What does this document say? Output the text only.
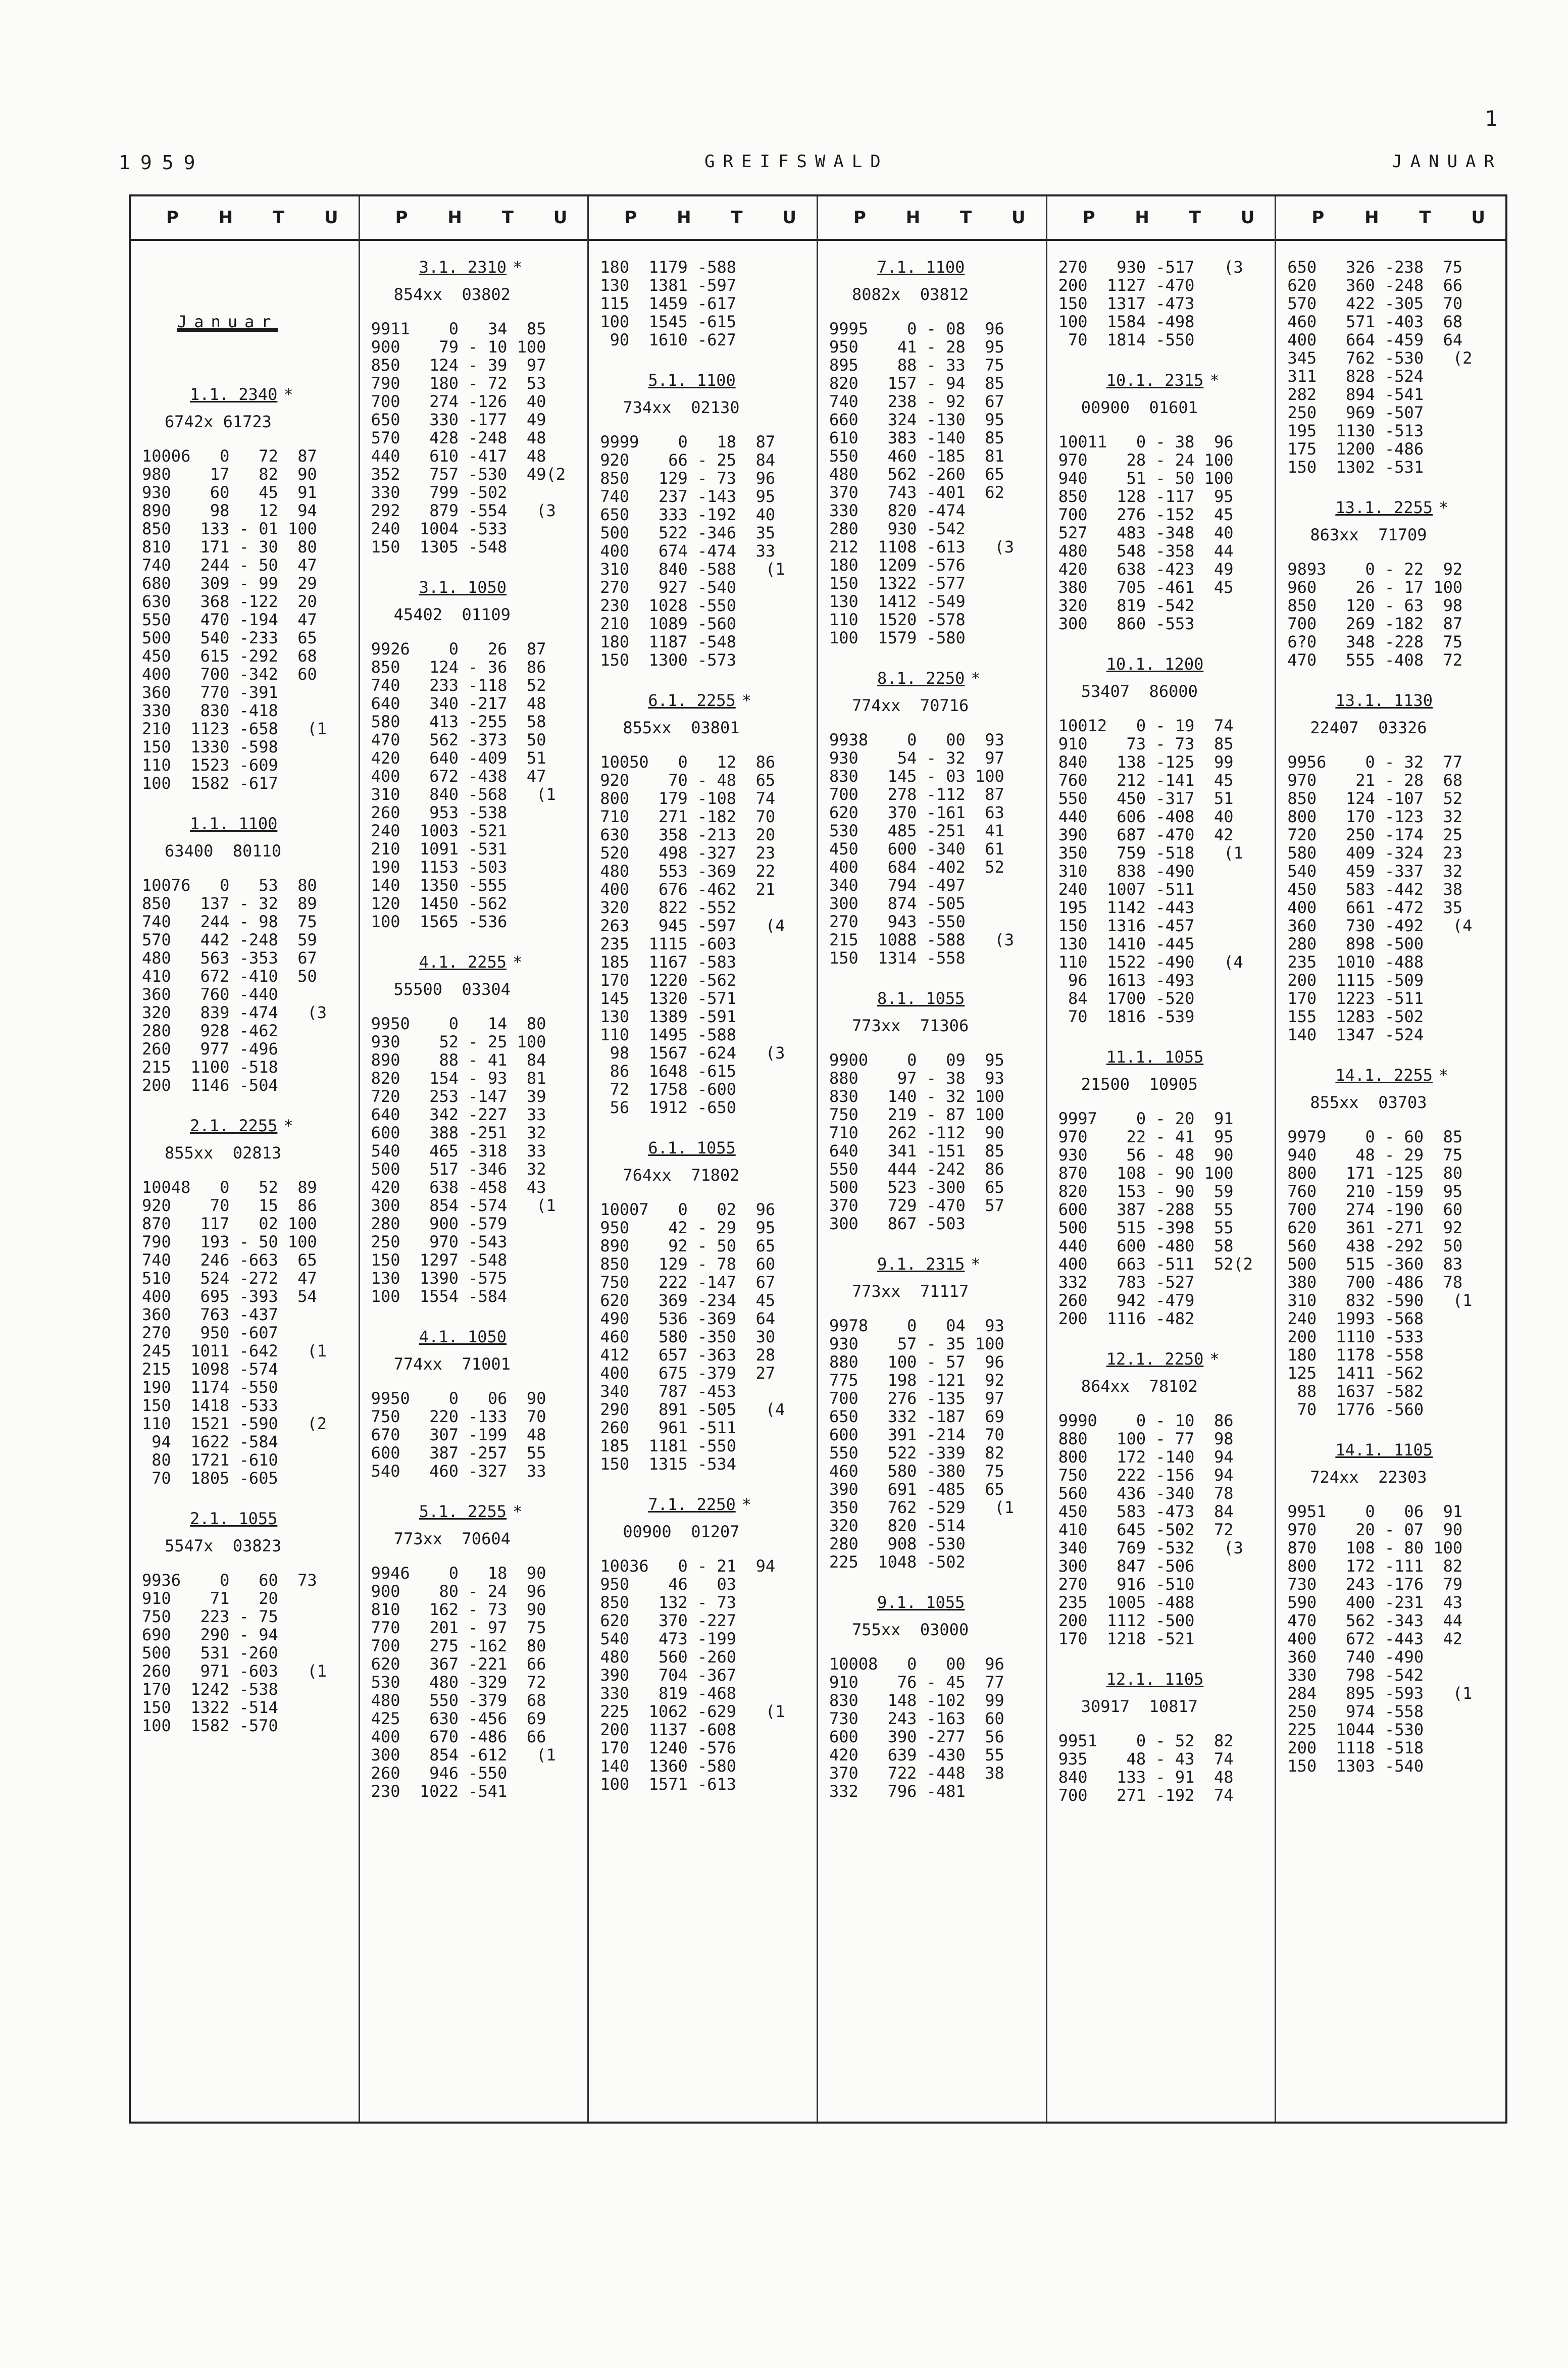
1
1959	GREIFSWALD	JANUAR
P H T U
Januar
1.1. 2340 *
6742x 61723
10006   0   72  87
980    17   82  90
930    60   45  91
890    98   12  94
850   133 - 01 100
810   171 - 30  80
740   244 - 50  47
680   309 - 99  29
630   368 -122  20
550   470 -194  47
500   540 -233  65
450   615 -292  68
400   700 -342  60
360   770 -391
330   830 -418
210  1123 -658   (1
150  1330 -598
110  1523 -609
100  1582 -617
1.1. 1100
63400  80110
10076   0   53  80
850   137 - 32  89
740   244 - 98  75
570   442 -248  59
480   563 -353  67
410   672 -410  50
360   760 -440
320   839 -474   (3
280   928 -462
260   977 -496
215  1100 -518
200  1146 -504
2.1. 2255 *
855xx  02813
10048   0   52  89
920    70   15  86
870   117   02 100
790   193 - 50 100
740   246 -663  65
510   524 -272  47
400   695 -393  54
360   763 -437
270   950 -607
245  1011 -642   (1
215  1098 -574
190  1174 -550
150  1418 -533
110  1521 -590   (2
94  1622 -584
80  1721 -610
70  1805 -605
2.1. 1055
5547x  03823
9936    0   60  73
910    71   20
750   223 - 75
690   290 - 94
500   531 -260
260   971 -603   (1
170  1242 -538
150  1322 -514
100  1582 -570
P H T U
3.1. 2310 *
854xx  03802
9911    0   34  85
900    79 - 10 100
850   124 - 39  97
790   180 - 72  53
700   274 -126  40
650   330 -177  49
570   428 -248  48
440   610 -417  48
352   757 -530  49(2
330   799 -502
292   879 -554   (3
240  1004 -533
150  1305 -548
3.1. 1050
45402  01109
9926    0   26  87
850   124 - 36  86
740   233 -118  52
640   340 -217  48
580   413 -255  58
470   562 -373  50
420   640 -409  51
400   672 -438  47
310   840 -568   (1
260   953 -538
240  1003 -521
210  1091 -531
190  1153 -503
140  1350 -555
120  1450 -562
100  1565 -536
4.1. 2255 *
55500  03304
9950    0   14  80
930    52 - 25 100
890    88 - 41  84
820   154 - 93  81
720   253 -147  39
640   342 -227  33
600   388 -251  32
540   465 -318  33
500   517 -346  32
420   638 -458  43
300   854 -574   (1
280   900 -579
250   970 -543
150  1297 -548
130  1390 -575
100  1554 -584
4.1. 1050
774xx  71001
9950    0   06  90
750   220 -133  70
670   307 -199  48
600   387 -257  55
540   460 -327  33
5.1. 2255 *
773xx  70604
9946    0   18  90
900    80 - 24  96
810   162 - 73  90
770   201 - 97  75
700   275 -162  80
620   367 -221  66
530   480 -329  72
480   550 -379  68
425   630 -456  69
400   670 -486  66
300   854 -612   (1
260   946 -550
230  1022 -541
P H T U
180  1179 -588
130  1381 -597
115  1459 -617
100  1545 -615
90  1610 -627
5.1. 1100
734xx  02130
9999    0   18  87
920    66 - 25  84
850   129 - 73  96
740   237 -143  95
650   333 -192  40
500   522 -346  35
400   674 -474  33
310   840 -588   (1
270   927 -540
230  1028 -550
210  1089 -560
180  1187 -548
150  1300 -573
6.1. 2255 *
855xx  03801
10050   0   12  86
920    70 - 48  65
800   179 -108  74
710   271 -182  70
630   358 -213  20
520   498 -327  23
480   553 -369  22
400   676 -462  21
320   822 -552
263   945 -597   (4
235  1115 -603
185  1167 -583
170  1220 -562
145  1320 -571
130  1389 -591
110  1495 -588
98  1567 -624   (3
86  1648 -615
72  1758 -600
56  1912 -650
6.1. 1055
764xx  71802
10007   0   02  96
950    42 - 29  95
890    92 - 50  65
850   129 - 78  60
750   222 -147  67
620   369 -234  45
490   536 -369  64
460   580 -350  30
412   657 -363  28
400   675 -379  27
340   787 -453
290   891 -505   (4
260   961 -511
185  1181 -550
150  1315 -534
7.1. 2250 *
00900  01207
10036   0 - 21  94
950    46   03
850   132 - 73
620   370 -227
540   473 -199
480   560 -260
390   704 -367
330   819 -468
225  1062 -629   (1
200  1137 -608
170  1240 -576
140  1360 -580
100  1571 -613
P H T U
7.1. 1100
8082x  03812
9995    0 - 08  96
950    41 - 28  95
895    88 - 33  75
820   157 - 94  85
740   238 - 92  67
660   324 -130  95
610   383 -140  85
550   460 -185  81
480   562 -260  65
370   743 -401  62
330   820 -474
280   930 -542
212  1108 -613   (3
180  1209 -576
150  1322 -577
130  1412 -549
110  1520 -578
100  1579 -580
8.1. 2250 *
774xx  70716
9938    0   00  93
930    54 - 32  97
830   145 - 03 100
700   278 -112  87
620   370 -161  63
530   485 -251  41
450   600 -340  61
400   684 -402  52
340   794 -497
300   874 -505
270   943 -550
215  1088 -588   (3
150  1314 -558
8.1. 1055
773xx  71306
9900    0   09  95
880    97 - 38  93
830   140 - 32 100
750   219 - 87 100
710   262 -112  90
640   341 -151  85
550   444 -242  86
500   523 -300  65
370   729 -470  57
300   867 -503
9.1. 2315 *
773xx  71117
9978    0   04  93
930    57 - 35 100
880   100 - 57  96
775   198 -121  92
700   276 -135  97
650   332 -187  69
600   391 -214  70
550   522 -339  82
460   580 -380  75
390   691 -485  65
350   762 -529   (1
320   820 -514
280   908 -530
225  1048 -502
9.1. 1055
755xx  03000
10008   0   00  96
910    76 - 45  77
830   148 -102  99
730   243 -163  60
600   390 -277  56
420   639 -430  55
370   722 -448  38
332   796 -481
P H T U
270   930 -517   (3
200  1127 -470
150  1317 -473
100  1584 -498
70  1814 -550
10.1. 2315 *
00900  01601
10011   0 - 38  96
970    28 - 24 100
940    51 - 50 100
850   128 -117  95
700   276 -152  45
527   483 -348  40
480   548 -358  44
420   638 -423  49
380   705 -461  45
320   819 -542
300   860 -553
10.1. 1200
53407  86000
10012   0 - 19  74
910    73 - 73  85
840   138 -125  99
760   212 -141  45
550   450 -317  51
440   606 -408  40
390   687 -470  42
350   759 -518   (1
310   838 -490
240  1007 -511
195  1142 -443
150  1316 -457
130  1410 -445
110  1522 -490   (4
96  1613 -493
84  1700 -520
70  1816 -539
11.1. 1055
21500  10905
9997    0 - 20  91
970    22 - 41  95
930    56 - 48  90
870   108 - 90 100
820   153 - 90  59
600   387 -288  55
500   515 -398  55
440   600 -480  58
400   663 -511  52(2
332   783 -527
260   942 -479
200  1116 -482
12.1. 2250 *
864xx  78102
9990    0 - 10  86
880   100 - 77  98
800   172 -140  94
750   222 -156  94
560   436 -340  78
450   583 -473  84
410   645 -502  72
340   769 -532   (3
300   847 -506
270   916 -510
235  1005 -488
200  1112 -500
170  1218 -521
12.1. 1105
30917  10817
9951    0 - 52  82
935    48 - 43  74
840   133 - 91  48
700   271 -192  74
P H T U
650   326 -238  75
620   360 -248  66
570   422 -305  70
460   571 -403  68
400   664 -459  64
345   762 -530   (2
311   828 -524
282   894 -541
250   969 -507
195  1130 -513
175  1200 -486
150  1302 -531
13.1. 2255 *
863xx  71709
9893    0 - 22  92
960    26 - 17 100
850   120 - 63  98
700   269 -182  87
6?0   348 -228  75
470   555 -408  72
13.1. 1130
22407  03326
9956    0 - 32  77
970    21 - 28  68
850   124 -107  52
800   170 -123  32
720   250 -174  25
580   409 -324  23
540   459 -337  32
450   583 -442  38
400   661 -472  35
360   730 -492   (4
280   898 -500
235  1010 -488
200  1115 -509
170  1223 -511
155  1283 -502
140  1347 -524
14.1. 2255 *
855xx  03703
9979    0 - 60  85
940    48 - 29  75
800   171 -125  80
760   210 -159  95
700   274 -190  60
620   361 -271  92
560   438 -292  50
500   515 -360  83
380   700 -486  78
310   832 -590   (1
240  1993 -568
200  1110 -533
180  1178 -558
125  1411 -562
88  1637 -582
70  1776 -560
14.1. 1105
724xx  22303
9951    0   06  91
970    20 - 07  90
870   108 - 80 100
800   172 -111  82
730   243 -176  79
590   400 -231  43
470   562 -343  44
400   672 -443  42
360   740 -490
330   798 -542
284   895 -593   (1
250   974 -558
225  1044 -530
200  1118 -518
150  1303 -540
